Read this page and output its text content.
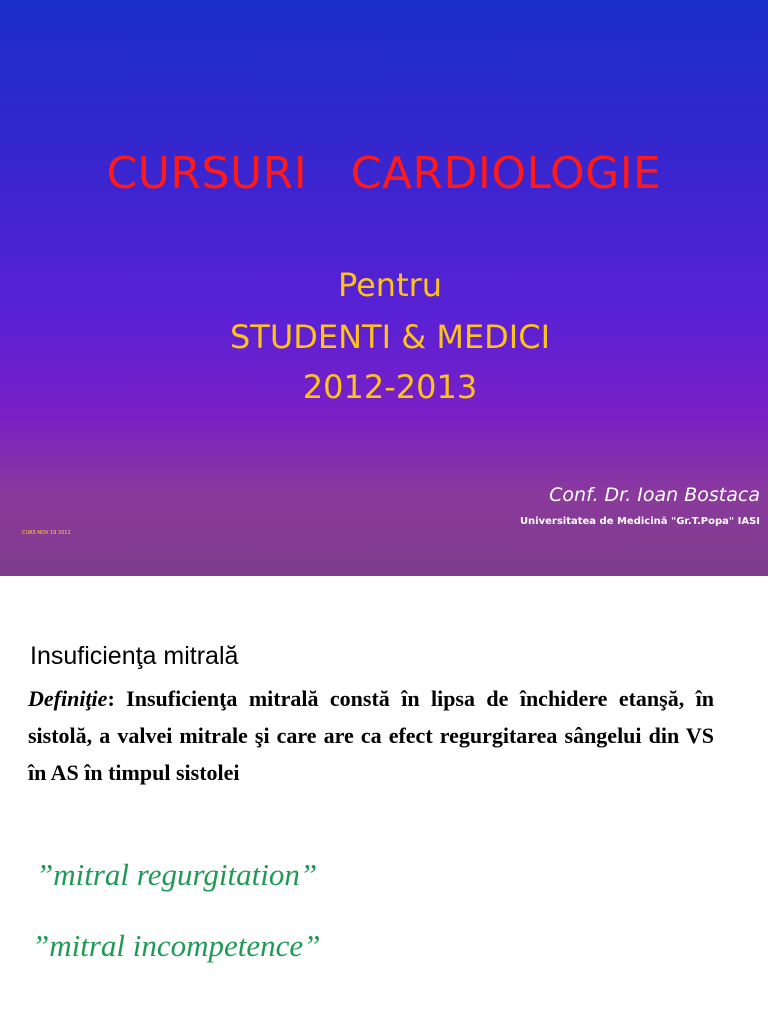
CURSURI   CARDIOLOGIE
Pentru
STUDENTI & MEDICI
2012-2013
Conf. Dr. Ioan Bostaca
Universitatea de Medicină "Gr.T.Popa" IASI
CURS NOV 19 2012
Insuficienţa mitrală
Definiţie: Insuficienţa mitrală constă în lipsa de închidere etanşă, în sistolă, a valvei mitrale şi care are ca efect regurgitarea sângelui din VS în AS în timpul sistolei
”mitral regurgitation”
”mitral incompetence”
